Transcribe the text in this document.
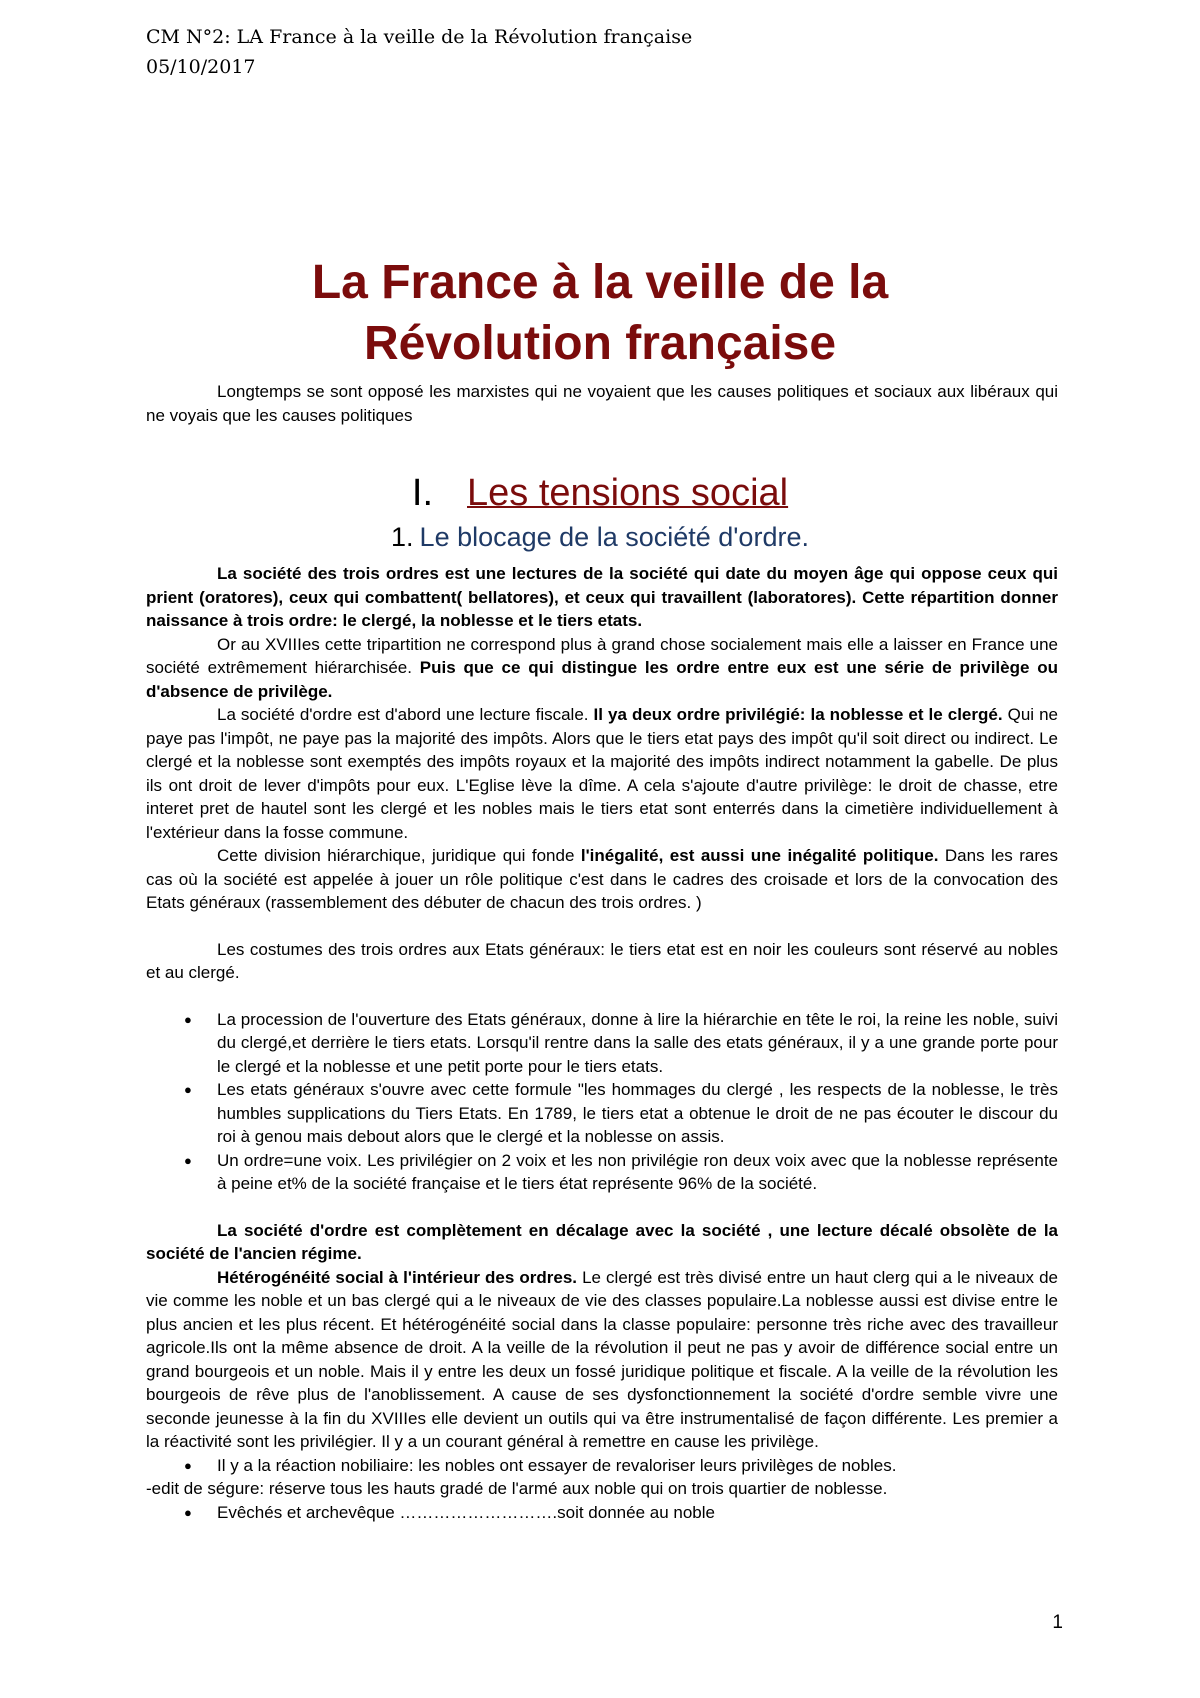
CM N°2: LA France à la veille de la Révolution française
05/10/2017
La France à la veille de la
Révolution française

Longtemps se sont opposé les marxistes qui ne voyaient que les causes politiques et sociaux aux libéraux qui ne voyais que les causes politiques

I. Les tensions social
1. Le blocage de la société d'ordre.

La société des trois ordres est une lectures de la société qui date du moyen âge qui oppose ceux qui prient (oratores), ceux qui combattent( bellatores), et ceux qui travaillent (laboratores). Cette répartition donner naissance à trois ordre: le clergé, la noblesse et le tiers etats.

Or au XVIIIes cette tripartition ne correspond plus à grand chose socialement mais elle a laisser en France une société extrêmement hiérarchisée. Puis que ce qui distingue les ordre entre eux est une série de privilège ou d'absence de privilège.

La société d'ordre est d'abord une lecture fiscale. Il ya deux ordre privilégié: la noblesse et le clergé. Qui ne paye pas l'impôt, ne paye pas la majorité des impôts. Alors que le tiers etat pays des impôt qu'il soit direct ou indirect. Le clergé et la noblesse sont exemptés des impôts royaux et la majorité des impôts indirect notamment la gabelle. De plus ils ont droit de lever d'impôts pour eux. L'Eglise lève la dîme. A cela s'ajoute d'autre privilège: le droit de chasse, etre interet pret de hautel sont les clergé et les nobles mais le tiers etat sont enterrés dans la cimetière individuellement à l'extérieur dans la fosse commune.

Cette division hiérarchique, juridique qui fonde l'inégalité, est aussi une inégalité politique. Dans les rares cas où la société est appelée à jouer un rôle politique c'est dans le cadres des croisade et lors de la convocation des Etats généraux (rassemblement des débuter de chacun des trois ordres. )

Les costumes des trois ordres aux Etats généraux: le tiers etat est en noir les couleurs sont réservé au nobles et au clergé.

● La procession de l'ouverture des Etats généraux, donne à lire la hiérarchie en tête le roi, la reine les noble, suivi du clergé,et derrière le tiers etats. Lorsqu'il rentre dans la salle des etats généraux, il y a une grande porte pour le clergé et la noblesse et une petit porte pour le tiers etats.
● Les etats généraux s'ouvre avec cette formule "les hommages du clergé , les respects de la noblesse, le très humbles supplications du Tiers Etats. En 1789, le tiers etat a obtenue le droit de ne pas écouter le discour du roi à genou mais debout alors que le clergé et la noblesse on assis.
● Un ordre=une voix. Les privilégier on 2 voix et les non privilégie ron deux voix avec que la noblesse représente à peine et% de la société française et le tiers état représente 96% de la société.

La société d'ordre est complètement en décalage avec la société , une lecture décalé obsolète de la société de l'ancien régime.

Hétérogénéité social à l'intérieur des ordres. Le clergé est très divisé entre un haut clerg qui a le niveaux de vie comme les noble et un bas clergé qui a le niveaux de vie des classes populaire.La noblesse aussi est divise entre le plus ancien et les plus récent. Et hétérogénéité social dans la classe populaire: personne très riche avec des travailleur agricole.Ils ont la même absence de droit. A la veille de la révolution il peut ne pas y avoir de différence social entre un grand bourgeois et un noble. Mais il y entre les deux un fossé juridique politique et fiscale. A la veille de la révolution les bourgeois de rêve plus de l'anoblissement. A cause de ses dysfonctionnement la société d'ordre semble vivre une seconde jeunesse à la fin du XVIIIes elle devient un outils qui va être instrumentalisé de façon différente. Les premier a la réactivité sont les privilégier. Il y a un courant général à remettre en cause les privilège.

● Il y a la réaction nobiliaire: les nobles ont essayer de revaloriser leurs privilèges de nobles.

-edit de ségure: réserve tous les hauts gradé de l'armé aux noble qui on trois quartier de noblesse.

● Evêchés et archevêque ……………………….soit donnée au noble
1
